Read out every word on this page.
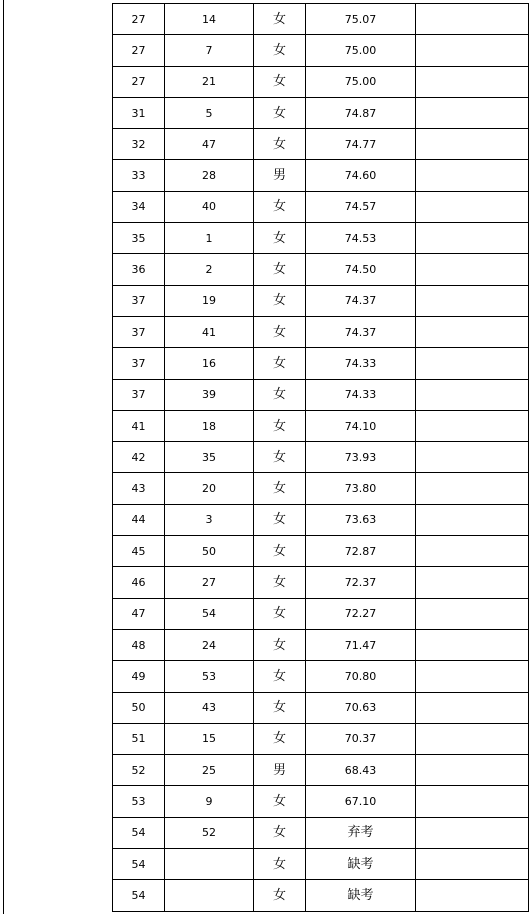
27	14	女	75.07	
27	7	女	75.00	
27	21	女	75.00	
31	5	女	74.87	
32	47	女	74.77	
33	28	男	74.60	
34	40	女	74.57	
35	1	女	74.53	
36	2	女	74.50	
37	19	女	74.37	
37	41	女	74.37	
37	16	女	74.33	
37	39	女	74.33	
41	18	女	74.10	
42	35	女	73.93	
43	20	女	73.80	
44	3	女	73.63	
45	50	女	72.87	
46	27	女	72.37	
47	54	女	72.27	
48	24	女	71.47	
49	53	女	70.80	
50	43	女	70.63	
51	15	女	70.37	
52	25	男	68.43	
53	9	女	67.10	
54	52	女	弃考	
54		女	缺考	
54		女	缺考	
